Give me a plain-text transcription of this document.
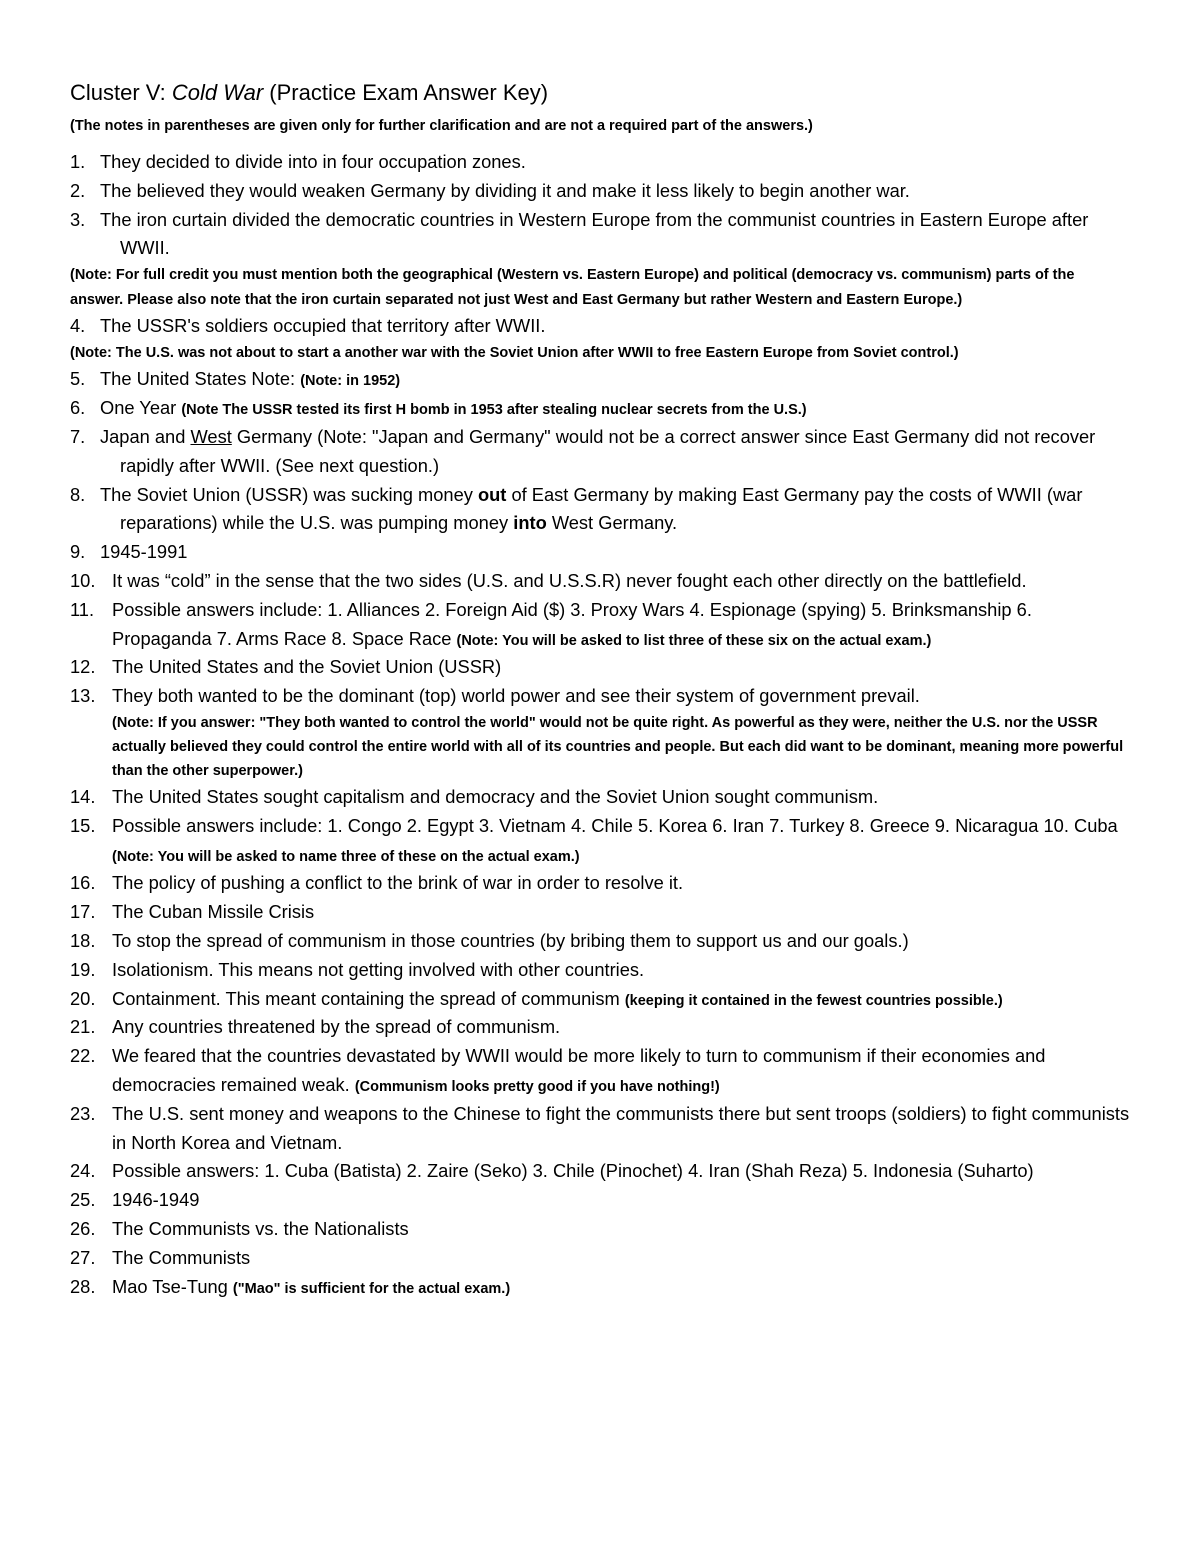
Cluster V: Cold War (Practice Exam Answer Key)

(The notes in parentheses are given only for further clarification and are not a required part of the answers.)

1. They decided to divide into in four occupation zones.
2. The believed they would weaken Germany by dividing it and make it less likely to begin another war.
3. The iron curtain divided the democratic countries in Western Europe from the communist countries in Eastern Europe after WWII.

(Note: For full credit you must mention both the geographical (Western vs. Eastern Europe) and political (democracy vs. communism) parts of the answer. Please also note that the iron curtain separated not just West and East Germany but rather Western and Eastern Europe.)

4. The USSR's soldiers occupied that territory after WWII.

(Note: The U.S. was not about to start a another war with the Soviet Union after WWII to free Eastern Europe from Soviet control.)

5. The United States Note: (Note: in 1952)
6. One Year (Note The USSR tested its first H bomb in 1953 after stealing nuclear secrets from the U.S.)
7. Japan and West Germany (Note: "Japan and Germany" would not be a correct answer since East Germany did not recover rapidly after WWII. (See next question.)
8. The Soviet Union (USSR) was sucking money out of East Germany by making East Germany pay the costs of WWII (war reparations) while the U.S. was pumping money into West Germany.
9. 1945-1991
10. It was “cold” in the sense that the two sides (U.S. and U.S.S.R) never fought each other directly on the battlefield.
11. Possible answers include: 1. Alliances 2. Foreign Aid ($) 3. Proxy Wars 4. Espionage (spying) 5. Brinksmanship 6. Propaganda 7. Arms Race 8. Space Race (Note: You will be asked to list three of these six on the actual exam.)
12. The United States and the Soviet Union (USSR)
13. They both wanted to be the dominant (top) world power and see their system of government prevail.
(Note: If you answer: "They both wanted to control the world" would not be quite right. As powerful as they were, neither the U.S. nor the USSR actually believed they could control the entire world with all of its countries and people. But each did want to be dominant, meaning more powerful than the other superpower.)
14. The United States sought capitalism and democracy and the Soviet Union sought communism.
15. Possible answers include: 1. Congo 2. Egypt 3. Vietnam 4. Chile 5. Korea 6. Iran 7. Turkey 8. Greece 9. Nicaragua 10. Cuba (Note: You will be asked to name three of these on the actual exam.)
16. The policy of pushing a conflict to the brink of war in order to resolve it.
17. The Cuban Missile Crisis
18. To stop the spread of communism in those countries (by bribing them to support us and our goals.)
19. Isolationism. This means not getting involved with other countries.
20. Containment. This meant containing the spread of communism (keeping it contained in the fewest countries possible.)
21. Any countries threatened by the spread of communism.
22. We feared that the countries devastated by WWII would be more likely to turn to communism if their economies and democracies remained weak. (Communism looks pretty good if you have nothing!)
23. The U.S. sent money and weapons to the Chinese to fight the communists there but sent troops (soldiers) to fight communists in North Korea and Vietnam.
24. Possible answers: 1. Cuba (Batista) 2. Zaire (Seko) 3. Chile (Pinochet) 4. Iran (Shah Reza) 5. Indonesia (Suharto)
25. 1946-1949
26. The Communists vs. the Nationalists
27. The Communists
28. Mao Tse-Tung ("Mao" is sufficient for the actual exam.)
